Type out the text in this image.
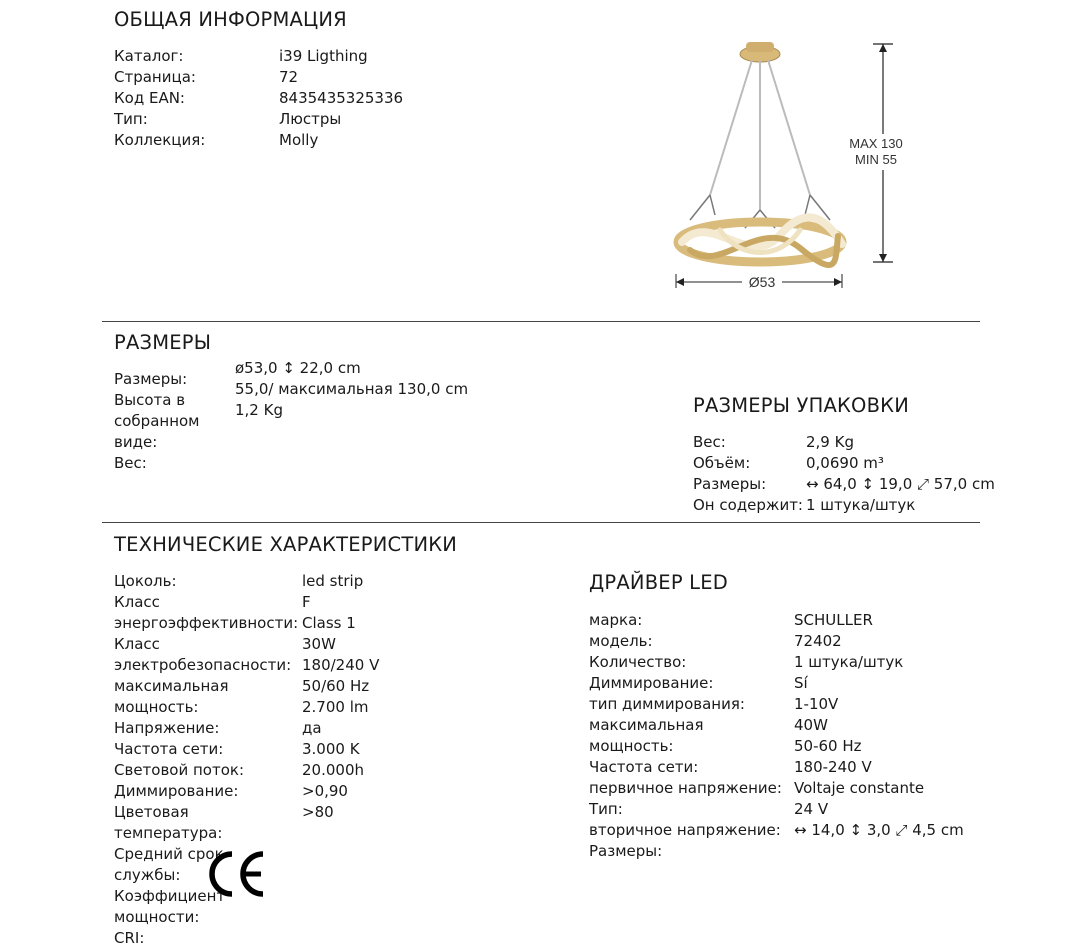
ОБЩАЯ ИНФОРМАЦИЯ
Каталог:
Страница:
Код EAN:
Тип:
Коллекция:
i39 Ligthing
72
8435435325336
Люстры
Molly	MAX 130
MIN 55
Ø53
РАЗМЕРЫ
Размеры:
Высота в
собранном
виде:
Вес:
ø53,0 ↕ 22,0 cm
55,0/ максимальная 130,0 cm
1,2 Kg	РАЗМЕРЫ УПАКОВКИ
Вес:
Объём:
Размеры:
Он содержит:
2,9 Kg
0,0690 m³
↔ 64,0 ↕ 19,0 ⤢ 57,0 cm
1 штука/штук
ТЕХНИЧЕСКИЕ ХАРАКТЕРИСТИКИ
Цоколь:
Класс
энергоэффективности:
Класс
электробезопасности:
максимальная
мощность:
Напряжение:
Частота сети:
Световой поток:
Диммирование:
Цветовая
температура:
Средний срок
службы:
Коэффициент
мощности:
CRI:
led strip
F
Class 1
30W
180/240 V
50/60 Hz
2.700 lm
да
3.000 K
20.000h
>0,90
>80
ДРАЙВЕР LED
марка:
модель:
Количество:
Диммирование:
тип диммирования:
максимальная
мощность:
Частота сети:
первичное напряжение:
Тип:
вторичное напряжение:
Размеры:
SCHULLER
72402
1 штука/штук
Sí
1-10V
40W
50-60 Hz
180-240 V
Voltaje constante
24 V
↔ 14,0 ↕ 3,0 ⤢ 4,5 cm
